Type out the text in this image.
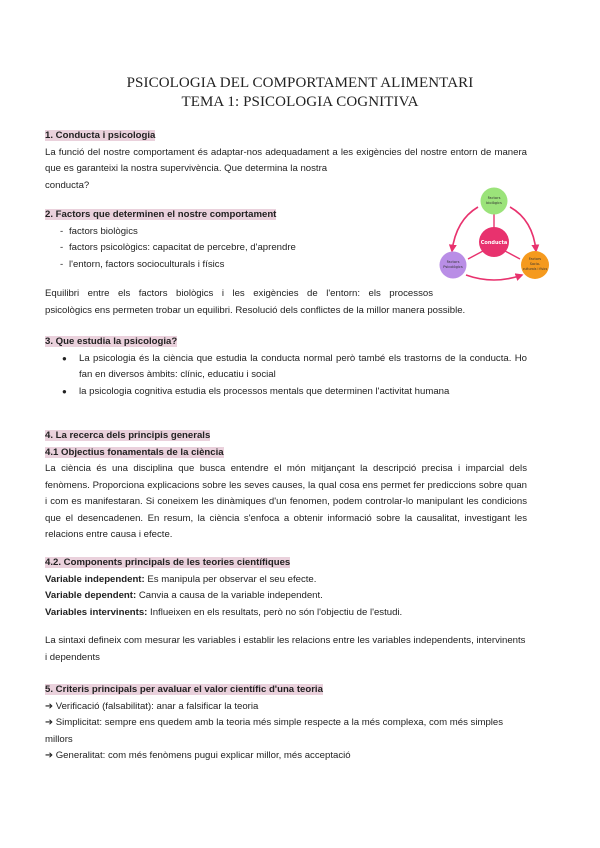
PSICOLOGIA DEL COMPORTAMENT ALIMENTARI
TEMA 1: PSICOLOGIA COGNITIVA
1. Conducta i psicologia
La funció del nostre comportament és adaptar-nos adequadament a les exigències del nostre entorn de manera que es garanteixi la nostra supervivència. Que determina la nostra
conducta?
2. Factors que determinen el nostre comportament
- factors biològics
- factors psicològics: capacitat de percebre, d'aprendre
- l'entorn, factors socioculturals i físics
Equilibri entre els factors biològics i les exigències de l'entorn: els processos
psicològics ens permeten trobar un equilibri. Resolució dels conflictes de la millor manera possible.
Conducta
Factors
biològics
Factors
Psicològics
Factors
Socio-
culturals i físics
3. Que estudia la psicologia?
● La psicologia és la ciència que estudia la conducta normal però també els trastorns de la conducta. Ho fan en diversos àmbits: clínic, educatiu i social
● la psicologia cognitiva estudia els processos mentals que determinen l'activitat humana
4. La recerca dels principis generals
4.1 Objectius fonamentals de la ciència
La ciència és una disciplina que busca entendre el món mitjançant la descripció precisa i imparcial dels fenòmens. Proporciona explicacions sobre les seves causes, la qual cosa ens permet fer prediccions sobre quan i com es manifestaran. Si coneixem les dinàmiques d'un fenomen, podem controlar-lo manipulant les condicions que el desencadenen. En resum, la ciència s'enfoca a obtenir informació sobre la causalitat, investigant les relacions entre causa i efecte.
4.2. Components principals de les teories científiques
Variable independent: Es manipula per observar el seu efecte.
Variable dependent: Canvia a causa de la variable independent.
Variables intervinents: Influeixen en els resultats, però no són l'objectiu de l'estudi.
La sintaxi defineix com mesurar les variables i establir les relacions entre les variables independents, intervinents i dependents
5. Criteris principals per avaluar el valor científic d'una teoria
➔ Verificació (falsabilitat): anar a falsificar la teoria
➔ Simplicitat: sempre ens quedem amb la teoria més simple respecte a la més complexa, com més simples millors
➔ Generalitat: com més fenòmens pugui explicar millor, més acceptació
